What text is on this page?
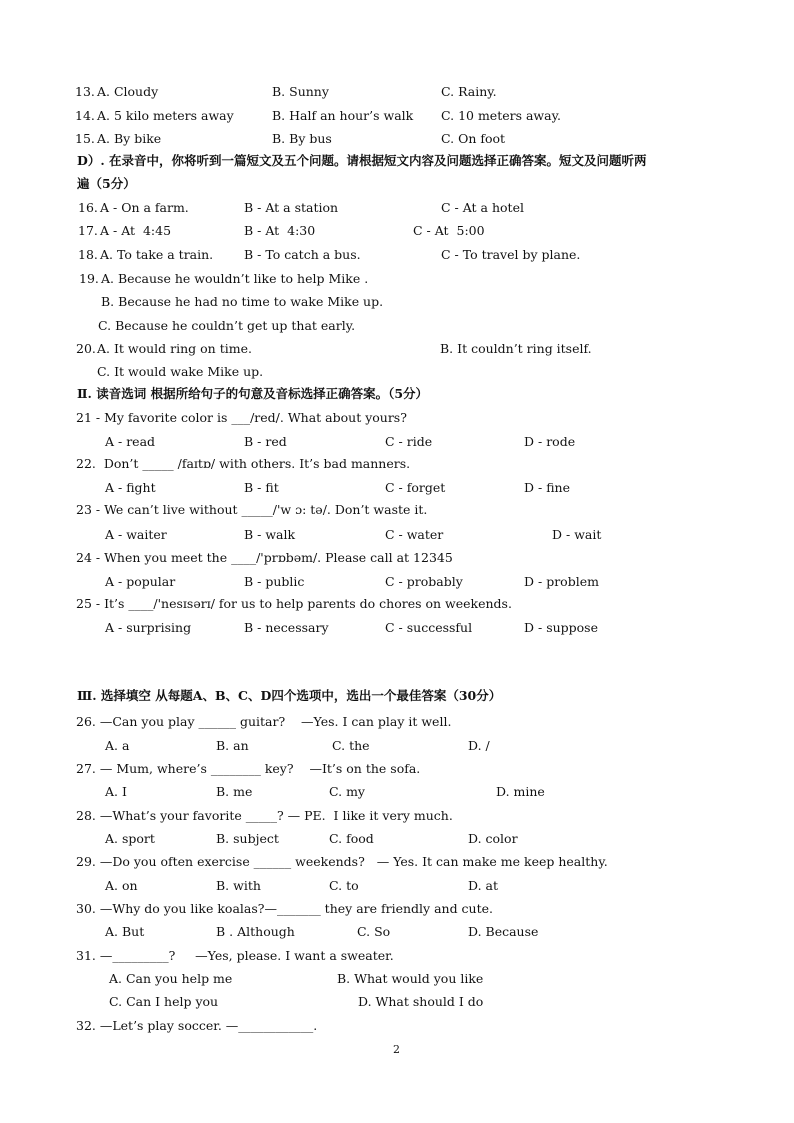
13. A. Cloudy	B. Sunny	C. Rainy.
14. A. 5 kilo meters away	B. Half an hour’s walk C. 10 meters away.
15. A. By bike	B. By bus	C. On foot
D）. 在录音中，你将听到一篇短文及五个问题。请根据短文内容及问题选择正确答案。短文及问题听两
遍（5分）
16. A - On a farm.	B - At a station	C - At a hotel
17. A - At  4:45	B - At  4:30	C - At  5:00
18. A. To take a train. B - To catch a bus.	C - To travel by plane.
19. A. Because he wouldn’t like to help Mike .
B. Because he had no time to wake Mike up.
C. Because he couldn’t get up that early.
20. A. It would ring on time.	B. It couldn’t ring itself.
C. It would wake Mike up.
Ⅱ. 读音选词 根据所给句子的句意及音标选择正确答案。（5分）
21 - My favorite color is ___/red/. What about yours?
A - read	B - red	C - ride	D - rode
22.  Don’t _____ /faɪtɒ/ with others. It’s bad manners.
A - fight	B - fit	C - forget	D - fine
23 - We can’t live without _____/'w ɔ: tə/. Don’t waste it.
A - waiter	B - walk	C - water	D - wait
24 - When you meet the ____/'prɒbəm/. Please call at 12345
A - popular	B - public	C - probably	D - problem
25 - It’s ____/'nesɪsərɪ/ for us to help parents do chores on weekends.
A - surprising	B - necessary	C - successful	D - suppose
Ⅲ. 选择填空 从每题A、B、C、D四个选项中，选出一个最佳答案（30分）
26. —Can you play ______ guitar?    —Yes. I can play it well.
A. a	B. an	C. the	D. /
27. — Mum, where’s ________ key?    —It’s on the sofa.
A. I	B. me	C. my	D. mine
28. —What’s your favorite _____? — PE.  I like it very much.
A. sport	B. subject	C. food	D. color
29. —Do you often exercise ______ weekends?   — Yes. It can make me keep healthy.
A. on	B. with	C. to	D. at
30. —Why do you like koalas?—_______ they are friendly and cute.
A. But	B . Although	C. So	D. Because
31. —_________?     —Yes, please. I want a sweater.
A. Can you help me	B. What would you like
C. Can I help you	D. What should I do
32. —Let’s play soccer. —____________.
2
